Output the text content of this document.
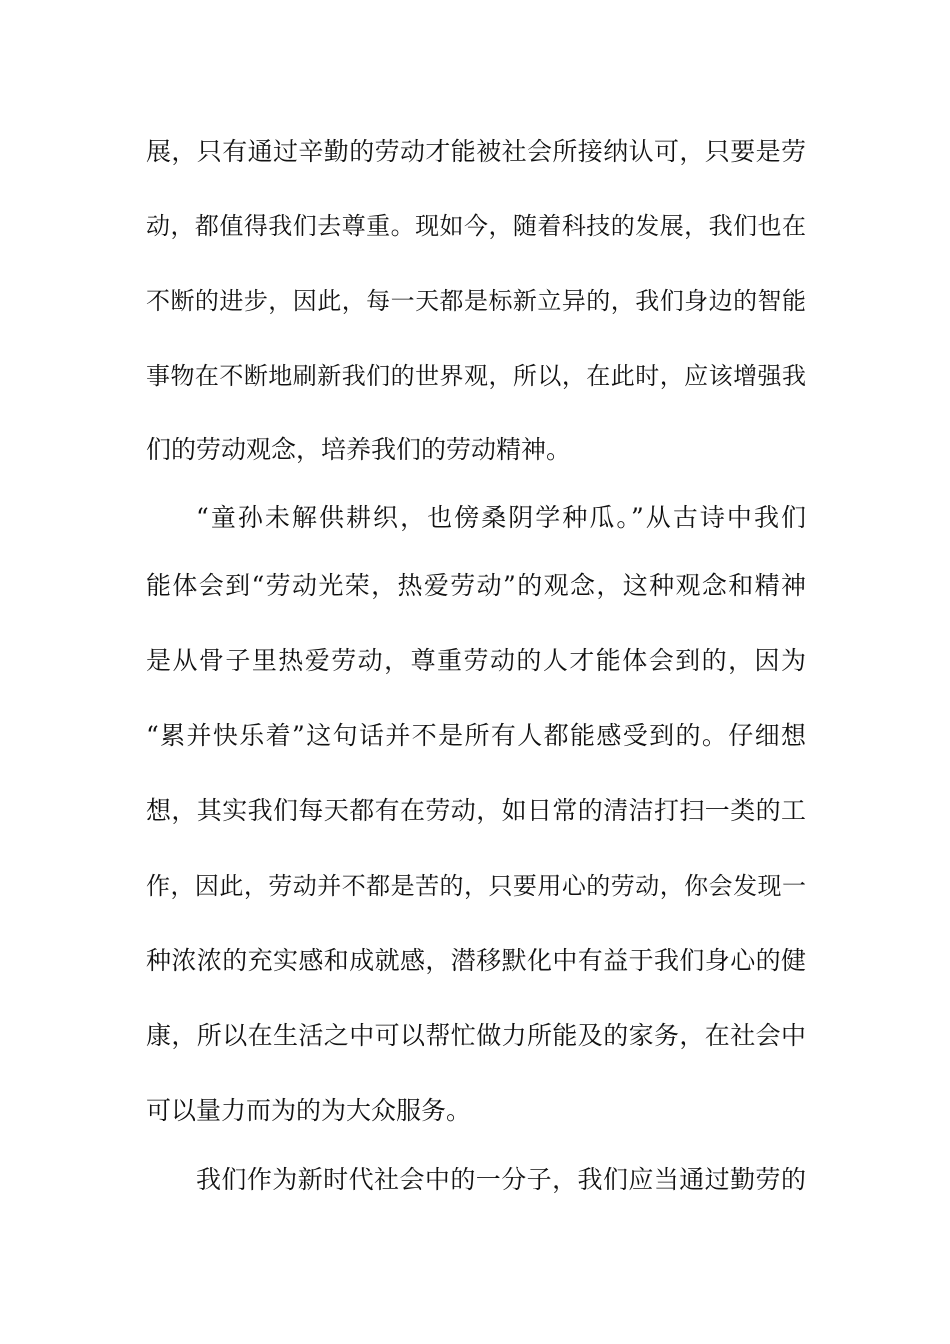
展，只有通过辛勤的劳动才能被社会所接纳认可，只要是劳
动，都值得我们去尊重。现如今，随着科技的发展，我们也在
不断的进步，因此，每一天都是标新立异的，我们身边的智能
事物在不断地刷新我们的世界观，所以，在此时，应该增强我
们的劳动观念，培养我们的劳动精神。
“童孙未解供耕织，也傍桑阴学种瓜。”从古诗中我们
能体会到“劳动光荣，热爱劳动”的观念，这种观念和精神
是从骨子里热爱劳动，尊重劳动的人才能体会到的，因为
“累并快乐着”这句话并不是所有人都能感受到的。仔细想
想，其实我们每天都有在劳动，如日常的清洁打扫一类的工
作，因此，劳动并不都是苦的，只要用心的劳动，你会发现一
种浓浓的充实感和成就感，潜移默化中有益于我们身心的健
康，所以在生活之中可以帮忙做力所能及的家务，在社会中
可以量力而为的为大众服务。
我们作为新时代社会中的一分子，我们应当通过勤劳的
